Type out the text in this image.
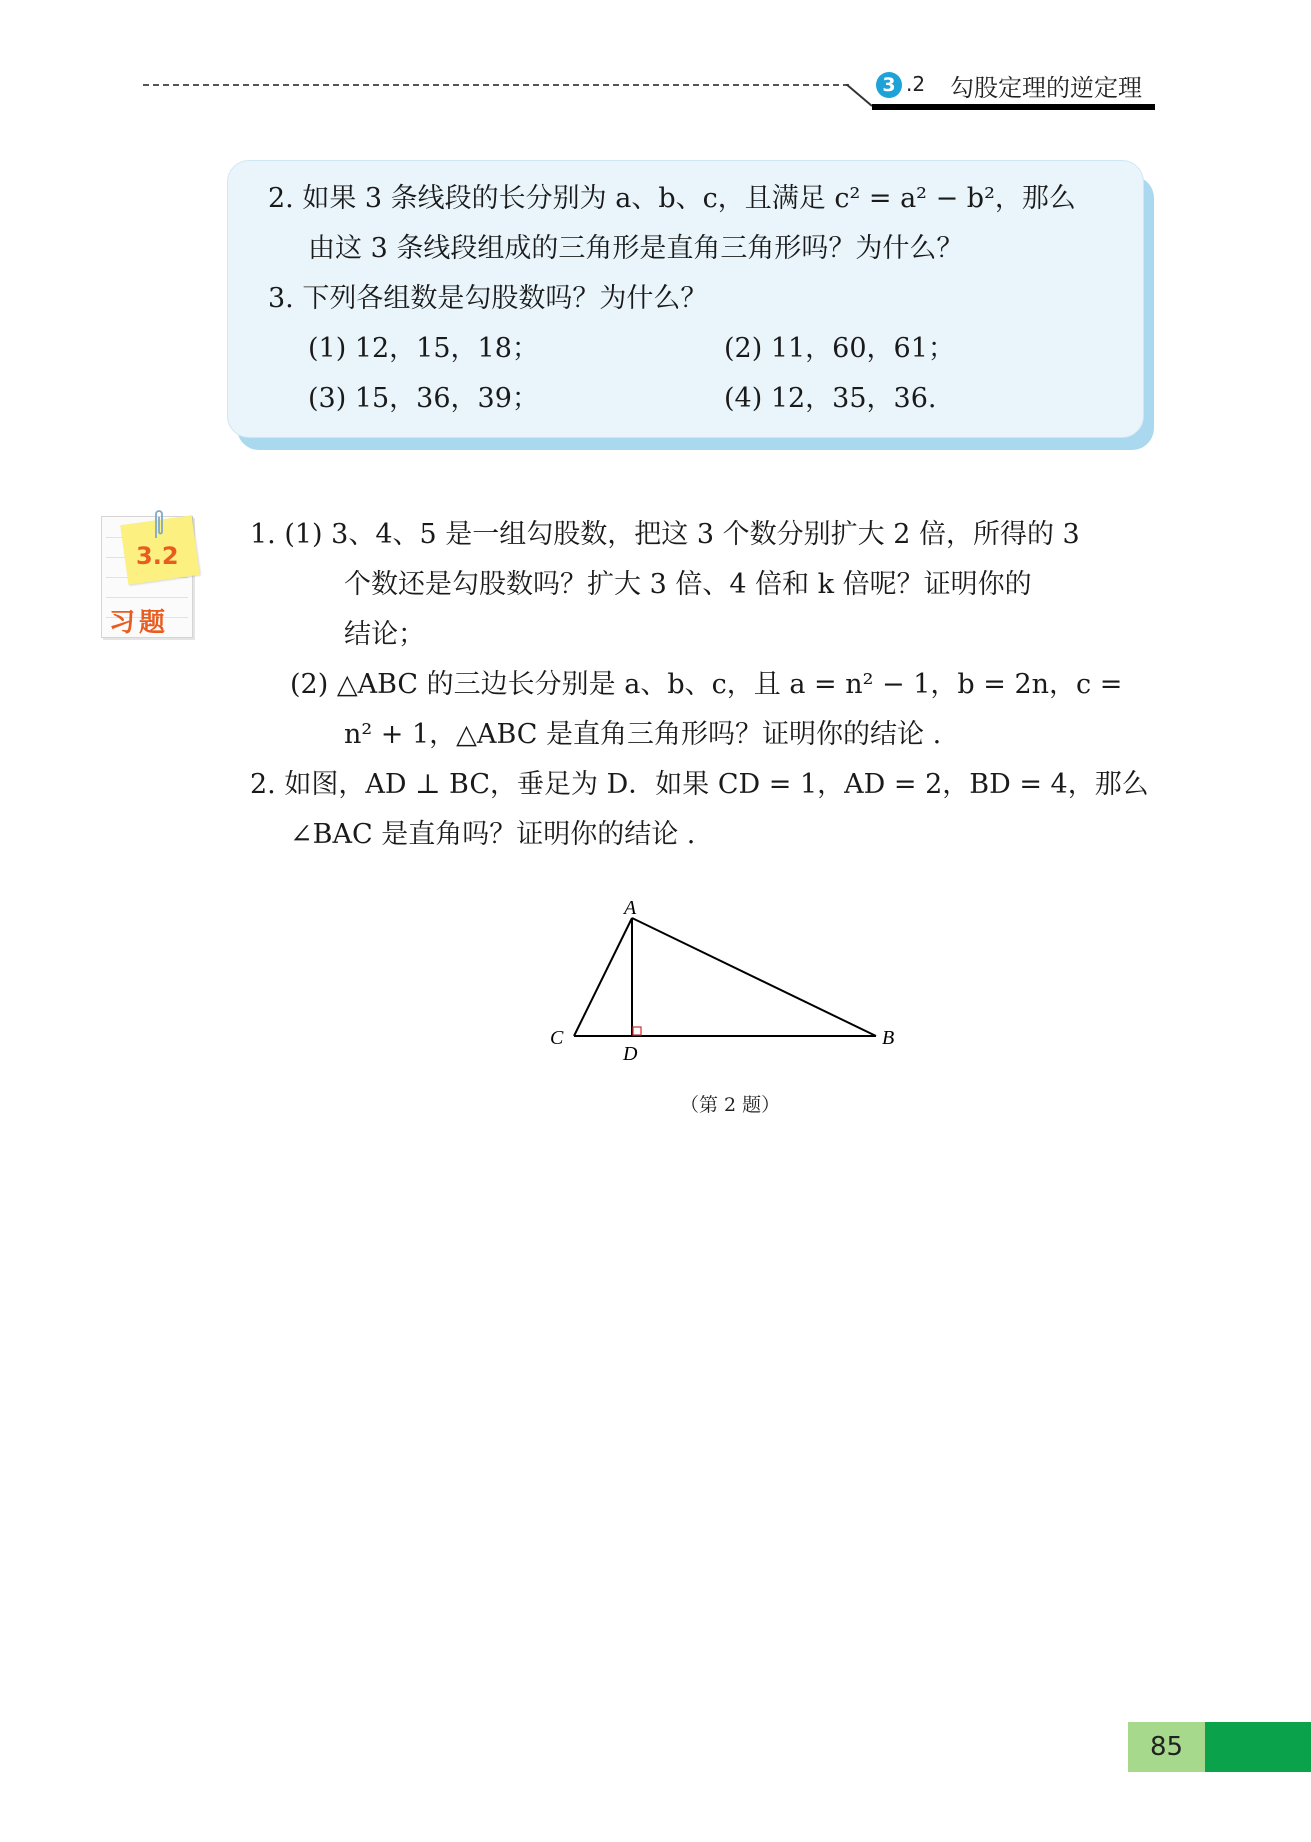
3 .2 勾股定理的逆定理
2. 如果 3 条线段的长分别为 a、b、c，且满足 c² = a² − b²，那么
由这 3 条线段组成的三角形是直角三角形吗？为什么？
3. 下列各组数是勾股数吗？为什么？
(1) 12，15，18；	(2) 11，60，61；
(3) 15，36，39；	(4) 12，35，36.
3.2
习题
1. (1) 3、4、5 是一组勾股数，把这 3 个数分别扩大 2 倍，所得的 3
个数还是勾股数吗？扩大 3 倍、4 倍和 k 倍呢？证明你的
结论；
(2) △ABC 的三边长分别是 a、b、c，且 a = n² − 1，b = 2n，c =
n² + 1，△ABC 是直角三角形吗？证明你的结论 .
2. 如图，AD ⊥ BC，垂足为 D．如果 CD = 1，AD = 2，BD = 4，那么
∠BAC 是直角吗？证明你的结论 .
A
B
C
D
（第 2 题）
85
